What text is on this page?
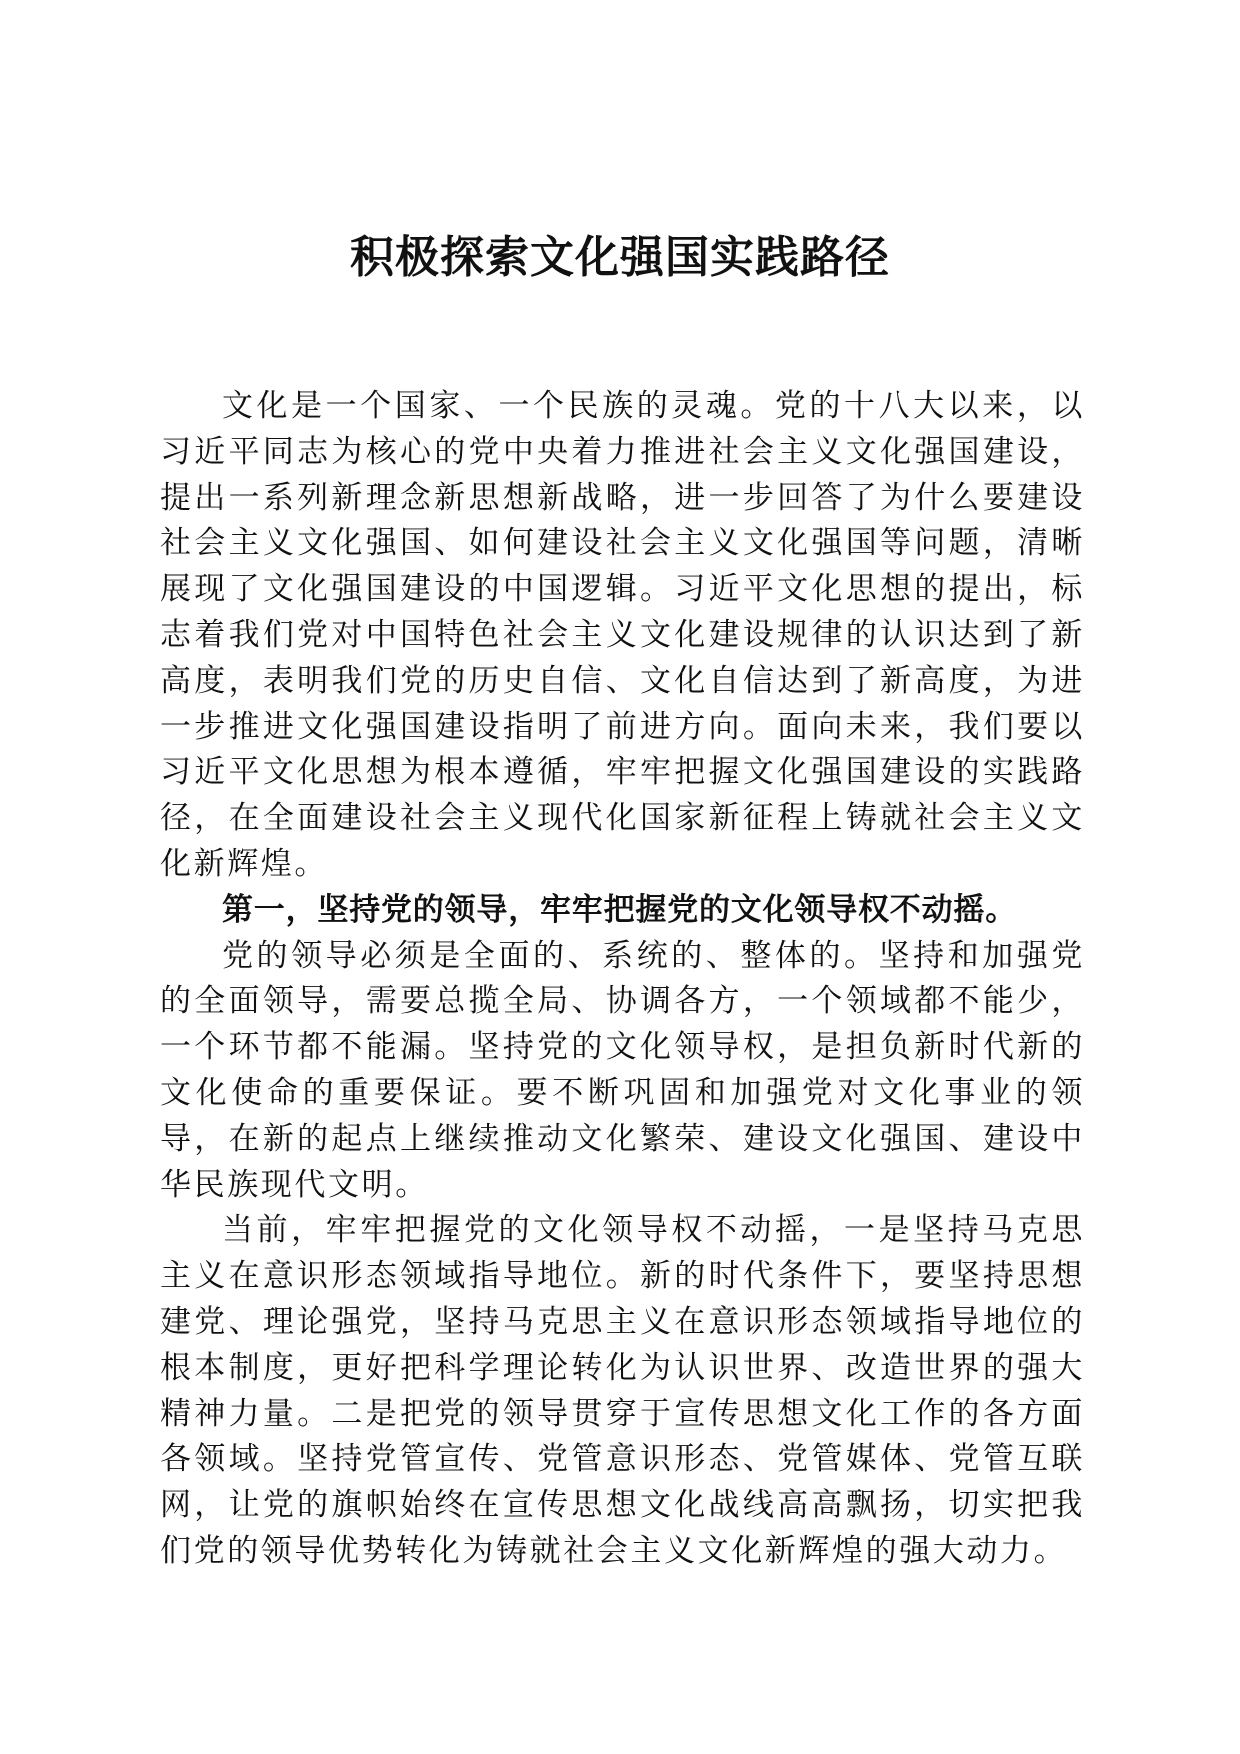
积极探索文化强国实践路径

文化是一个国家、一个民族的灵魂。党的十八大以来，以习近平同志为核心的党中央着力推进社会主义文化强国建设，提出一系列新理念新思想新战略，进一步回答了为什么要建设社会主义文化强国、如何建设社会主义文化强国等问题，清晰展现了文化强国建设的中国逻辑。习近平文化思想的提出，标志着我们党对中国特色社会主义文化建设规律的认识达到了新高度，表明我们党的历史自信、文化自信达到了新高度，为进一步推进文化强国建设指明了前进方向。面向未来，我们要以习近平文化思想为根本遵循，牢牢把握文化强国建设的实践路径，在全面建设社会主义现代化国家新征程上铸就社会主义文化新辉煌。

第一，坚持党的领导，牢牢把握党的文化领导权不动摇。

党的领导必须是全面的、系统的、整体的。坚持和加强党的全面领导，需要总揽全局、协调各方，一个领域都不能少，一个环节都不能漏。坚持党的文化领导权，是担负新时代新的文化使命的重要保证。要不断巩固和加强党对文化事业的领导，在新的起点上继续推动文化繁荣、建设文化强国、建设中华民族现代文明。

当前，牢牢把握党的文化领导权不动摇，一是坚持马克思主义在意识形态领域指导地位。新的时代条件下，要坚持思想建党、理论强党，坚持马克思主义在意识形态领域指导地位的根本制度，更好把科学理论转化为认识世界、改造世界的强大精神力量。二是把党的领导贯穿于宣传思想文化工作的各方面各领域。坚持党管宣传、党管意识形态、党管媒体、党管互联网，让党的旗帜始终在宣传思想文化战线高高飘扬，切实把我们党的领导优势转化为铸就社会主义文化新辉煌的强大动力。
